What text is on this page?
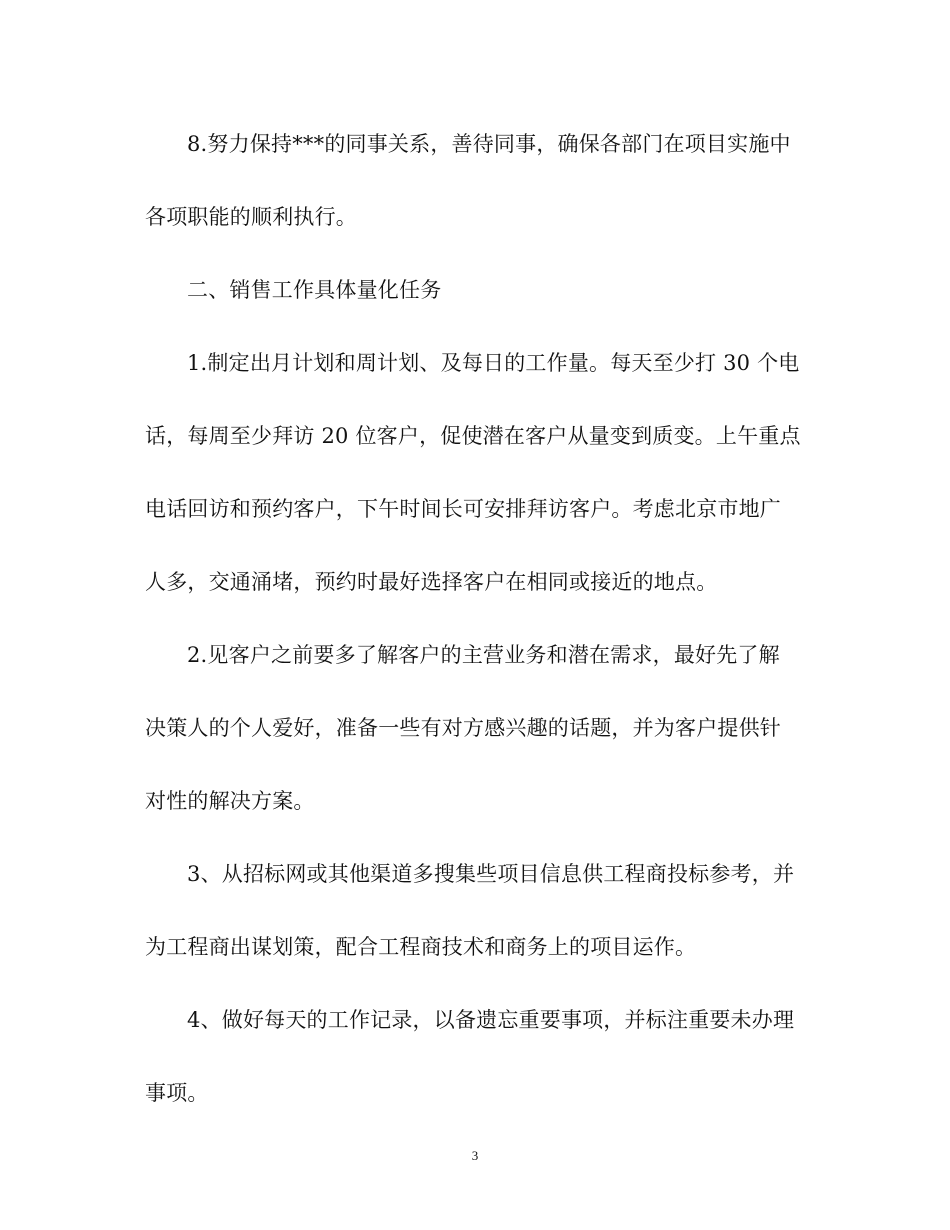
8.努力保持***的同事关系，善待同事，确保各部门在项目实施中
各项职能的顺利执行。
二、销售工作具体量化任务
1.制定出月计划和周计划、及每日的工作量。每天至少打 30 个电
话，每周至少拜访 20 位客户，促使潜在客户从量变到质变。上午重点
电话回访和预约客户，下午时间长可安排拜访客户。考虑北京市地广
人多，交通涌堵，预约时最好选择客户在相同或接近的地点。
2.见客户之前要多了解客户的主营业务和潜在需求，最好先了解
决策人的个人爱好，准备一些有对方感兴趣的话题，并为客户提供针
对性的解决方案。
3、从招标网或其他渠道多搜集些项目信息供工程商投标参考，并
为工程商出谋划策，配合工程商技术和商务上的项目运作。
4、做好每天的工作记录，以备遗忘重要事项，并标注重要未办理
事项。
3
